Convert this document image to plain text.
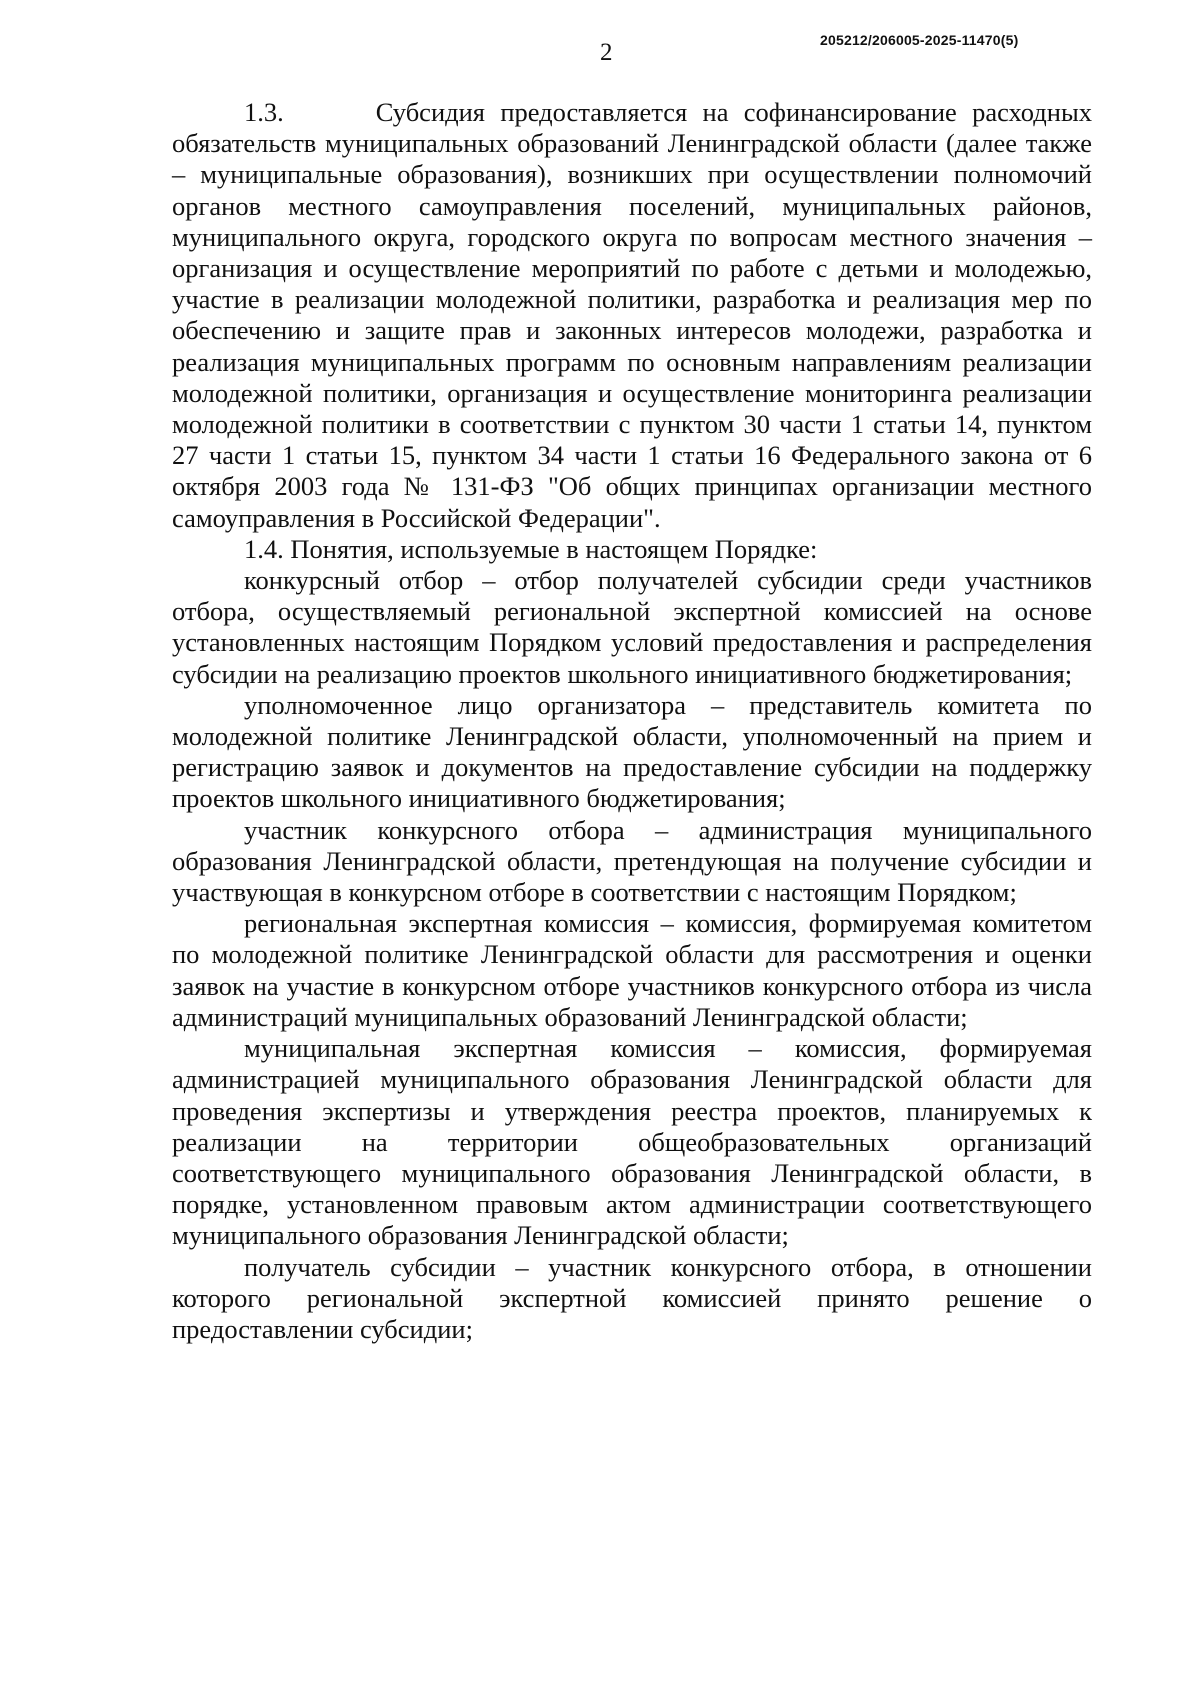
2	205212/206005-2025-11470(5)

1.3.      Субсидия предоставляется на софинансирование расходных обязательств муниципальных образований Ленинградской области (далее также – муниципальные образования), возникших при осуществлении полномочий органов местного самоуправления поселений, муниципальных районов, муниципального округа, городского округа по вопросам местного значения – организация и осуществление мероприятий по работе с детьми и молодежью, участие в реализации молодежной политики, разработка и реализация мер по обеспечению и защите прав и законных интересов молодежи, разработка и реализация муниципальных программ по основным направлениям реализации молодежной политики, организация и осуществление мониторинга реализации молодежной политики в соответствии с пунктом 30 части 1 статьи 14, пунктом 27 части 1 статьи 15, пунктом 34 части 1 статьи 16 Федерального закона от 6 октября 2003 года № 131-ФЗ "Об общих принципах организации местного самоуправления в Российской Федерации".

1.4. Понятия, используемые в настоящем Порядке:

конкурсный отбор – отбор получателей субсидии среди участников отбора, осуществляемый региональной экспертной комиссией на основе установленных настоящим Порядком условий предоставления и распределения субсидии на реализацию проектов школьного инициативного бюджетирования;

уполномоченное лицо организатора – представитель комитета по молодежной политике Ленинградской области, уполномоченный на прием и регистрацию заявок и документов на предоставление субсидии на поддержку проектов школьного инициативного бюджетирования;

участник конкурсного отбора – администрация муниципального образования Ленинградской области, претендующая на получение субсидии и участвующая в конкурсном отборе в соответствии с настоящим Порядком;

региональная экспертная комиссия – комиссия, формируемая комитетом по молодежной политике Ленинградской области для рассмотрения и оценки заявок на участие в конкурсном отборе участников конкурсного отбора из числа администраций муниципальных образований Ленинградской области;

муниципальная экспертная комиссия – комиссия, формируемая администрацией муниципального образования Ленинградской области для проведения экспертизы и утверждения реестра проектов, планируемых к реализации на территории общеобразовательных организаций соответствующего муниципального образования Ленинградской области, в порядке, установленном правовым актом администрации соответствующего муниципального образования Ленинградской области;

получатель субсидии – участник конкурсного отбора, в отношении которого региональной экспертной комиссией принято решение о предоставлении субсидии;
